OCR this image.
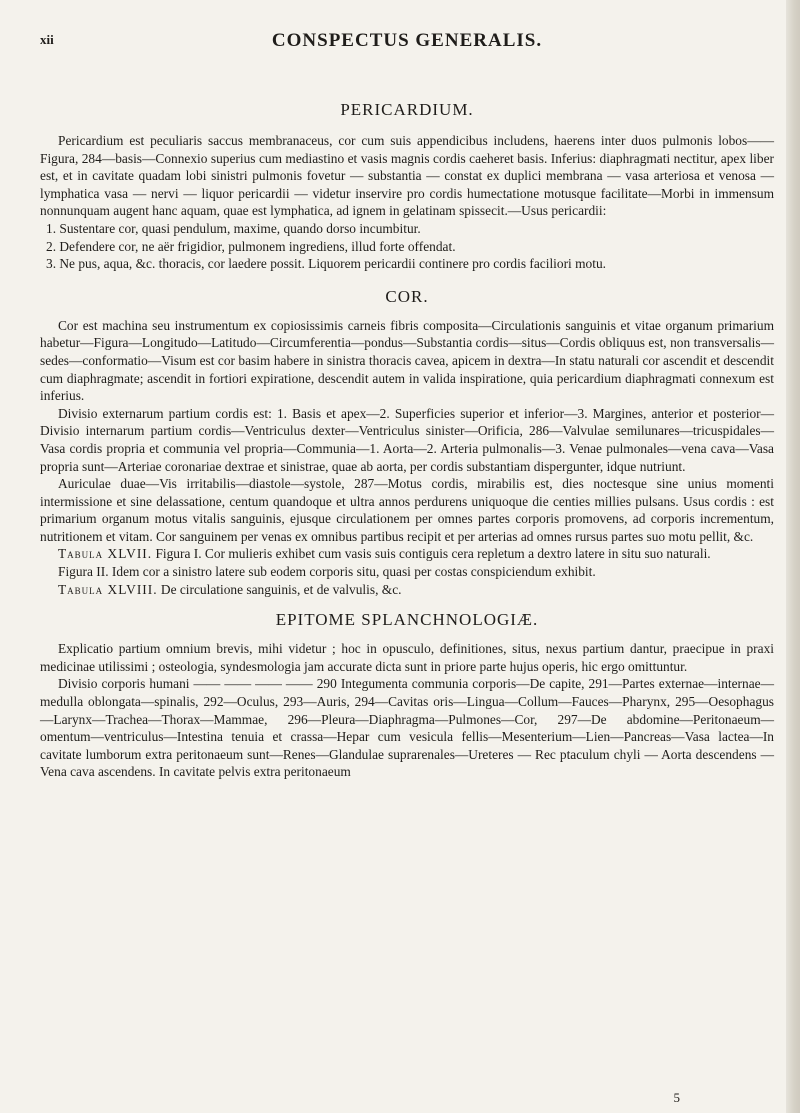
xii	CONSPECTUS GENERALIS.
PERICARDIUM.

Pericardium est peculiaris saccus membranaceus, cor cum suis appendicibus includens, haerens inter duos pulmonis lobos——Figura, 284—basis—Connexio superius cum mediastino et vasis magnis cordis caeheret basis. Inferius: diaphragmati nectitur, apex liber est, et in cavitate quadam lobi sinistri pulmonis fovetur — substantia — constat ex duplici membrana — vasa arteriosa et venosa — lymphatica vasa — nervi — liquor pericardii — videtur inservire pro cordis humectatione motusque facilitate—Morbi in immensum nonnunquam augent hanc aquam, quae est lymphatica, ad ignem in gelatinam spissecit.—Usus pericardii:

1. Sustentare cor, quasi pendulum, maxime, quando dorso incumbitur.

2. Defendere cor, ne aër frigidior, pulmonem ingrediens, illud forte offendat.

3. Ne pus, aqua, &c. thoracis, cor laedere possit. Liquorem pericardii continere pro cordis faciliori motu.

COR.

Cor est machina seu instrumentum ex copiosissimis carneis fibris composita—Circulationis sanguinis et vitae organum primarium habetur—Figura—Longitudo—Latitudo—Circumferentia—pondus—Substantia cordis—situs—Cordis obliquus est, non transversalis—sedes—conformatio—Visum est cor basim habere in sinistra thoracis cavea, apicem in dextra—In statu naturali cor ascendit et descendit cum diaphragmate; ascendit in fortiori expiratione, descendit autem in valida inspiratione, quia pericardium diaphragmati connexum est inferius.

Divisio externarum partium cordis est: 1. Basis et apex—2. Superficies superior et inferior—3. Margines, anterior et posterior—Divisio internarum partium cordis—Ventriculus dexter—Ventriculus sinister—Orificia, 286—Valvulae semilunares—tricuspidales—Vasa cordis propria et communia vel propria—Communia—1. Aorta—2. Arteria pulmonalis—3. Venae pulmonales—vena cava—Vasa propria sunt—Arteriae coronariae dextrae et sinistrae, quae ab aorta, per cordis substantiam dispergunter, idque nutriunt.

Auriculae duae—Vis irritabilis—diastole—systole, 287—Motus cordis, mirabilis est, dies noctesque sine unius momenti intermissione et sine delassatione, centum quandoque et ultra annos perdurens uniquoque die centies millies pulsans. Usus cordis : est primarium organum motus vitalis sanguinis, ejusque circulationem per omnes partes corporis promovens, ad corporis incrementum, nutritionem et vitam. Cor sanguinem per venas ex omnibus partibus recipit et per arterias ad omnes rursus partes suo motu pellit, &c.

Tabula XLVII. Figura I. Cor mulieris exhibet cum vasis suis contiguis cera repletum a dextro latere in situ suo naturali.

Figura II. Idem cor a sinistro latere sub eodem corporis situ, quasi per costas conspiciendum exhibit.

Tabula XLVIII. De circulatione sanguinis, et de valvulis, &c.

EPITOME SPLANCHNOLOGIÆ.

Explicatio partium omnium brevis, mihi videtur ; hoc in opusculo, definitiones, situs, nexus partium dantur, praecipue in praxi medicinae utilissimi ; osteologia, syndesmologia jam accurate dicta sunt in priore parte hujus operis, hic ergo omittuntur.

Divisio corporis humani —— —— —— —— 290 Integumenta communia corporis—De capite, 291—Partes externae—internae—medulla oblongata—spinalis, 292—Oculus, 293—Auris, 294—Cavitas oris—Lingua—Collum—Fauces—Pharynx, 295—Oesophagus—Larynx—Trachea—Thorax—Mammae, 296—Pleura—Diaphragma—Pulmones—Cor, 297—De abdomine—Peritonaeum—omentum—ventriculus—Intestina tenuia et crassa—Hepar cum vesicula fellis—Mesenterium—Lien—Pancreas—Vasa lactea—In cavitate lumborum extra peritonaeum sunt—Renes—Glandulae suprarenales—Ureteres — Rec ptaculum chyli — Aorta descendens — Vena cava ascendens. In cavitate pelvis extra peritonaeum

5
